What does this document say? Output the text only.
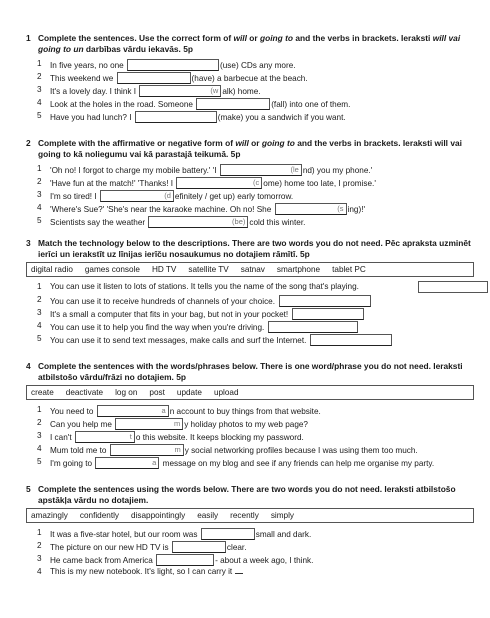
1 Complete the sentences. Use the correct form of will or going to and the verbs in brackets. Ieraksti will vai going to un darbības vārdu iekavās. 5p
1 In five years, no one	(use) CDs any more.
2 This weekend we	(have) a barbecue at the beach.
3 It's a lovely day. I think I	(w alk) home.
4 Look at the holes in the road. Someone	(fall) into one of them.
5 Have you had lunch? I	(make) you a sandwich if you want.
2 Complete with the affirmative or negative form of will or going to and the verbs in brackets. Ieraksti will vai going to kā noliegumu vai kā parastajā teikumā. 5p
1 'Oh no! I forgot to charge my mobile battery.' 'I	(le nd) you my phone.'
2 'Have fun at the match!' 'Thanks! I	(c ome) home too late, I promise.'
3 I'm so tired! I	(d efinitely / get up) early tomorrow.
4 'Where's Sue?' 'She's near the karaoke machine. Oh no! She	(s ing)!'
5 Scientists say the weather	(be) cold this winter.
3 Match the technology below to the descriptions. There are two words you do not need. Pēc apraksta uzminēt ierīci un ierakstīt uz līnijas ierīču nosaukumus no dotajiem rāmītī. 5p
digital radio games console HD TV satellite TV satnav smartphone tablet PC
1 You can use it listen to lots of stations. It tells you the name of the song that's playing.
2 You can use it to receive hundreds of channels of your choice.
3 It's a small a computer that fits in your bag, but not in your pocket!
4 You can use it to help you find the way when you're driving.
5 You can use it to send text messages, make calls and surf the Internet.
4 Complete the sentences with the words/phrases below. There is one word/phrase you do not need. Ieraksti atbilstošo vārdu/frāzi no dotajiem. 5p
create deactivate log on post update upload
1 You need to	a n account to buy things from that website.
2 Can you help me	m y holiday photos to my web page?
3 I can't	t o this website. It keeps blocking my password.
4 Mum told me to	m y social networking profiles because I was using them too much.
5 I'm going to	a message on my blog and see if any friends can help me organise my party.
5 Complete the sentences using the words below. There are two words you do not need. Ieraksti atbilstošo apstākļa vārdu no dotajiem.
amazingly confidently disappointingly easily recently simply
1 It was a five-star hotel, but our room was	small and dark.
2 The picture on our new HD TV is	clear.
3 He came back from America	- about a week ago, I think.
4 This is my new notebook. It's light, so I can carry it
